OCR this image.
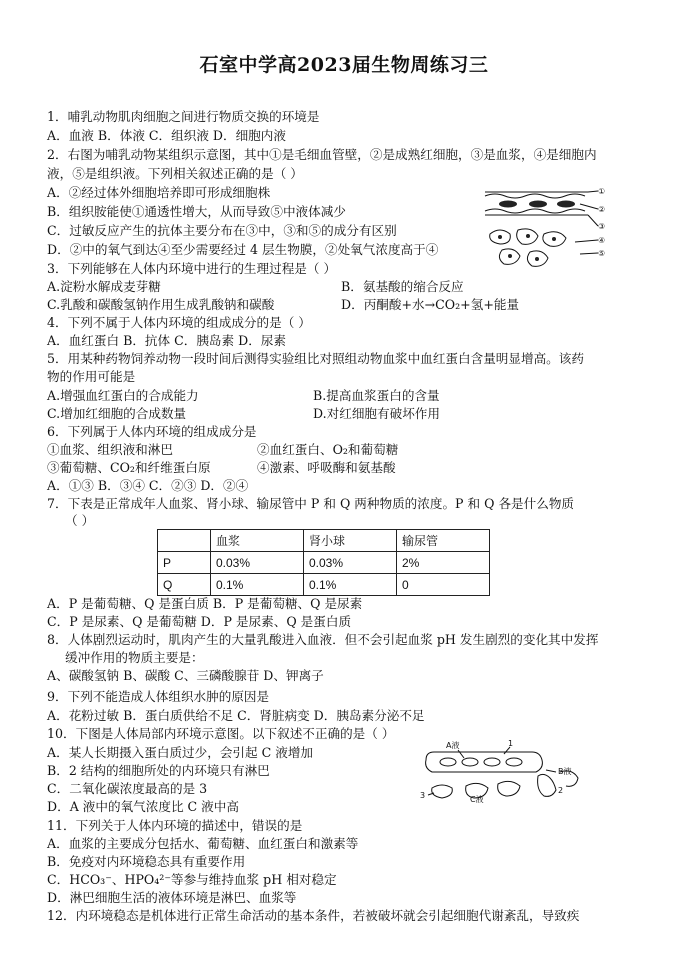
石室中学高2023届生物周练习三
1．哺乳动物肌肉细胞之间进行物质交换的环境是
A．血液 B．体液 C．组织液 D．细胞内液
2．右图为哺乳动物某组织示意图，其中①是毛细血管壁，②是成熟红细胞，③是血浆，④是细胞内
液，⑤是组织液。下列相关叙述正确的是（ ）
A．②经过体外细胞培养即可形成细胞株
B．组织胺能使①通透性增大，从而导致⑤中液体减少
C．过敏反应产生的抗体主要分布在③中，③和⑤的成分有区别
D．②中的氧气到达④至少需要经过 4 层生物膜，②处氧气浓度高于④
3．下列能够在人体内环境中进行的生理过程是（ ）
A.淀粉水解成麦芽糖	B．氨基酸的缩合反应
C.乳酸和碳酸氢钠作用生成乳酸钠和碳酸	D．丙酮酸+水→CO₂+氢+能量
4．下列不属于人体内环境的组成成分的是（ ）
A．血红蛋白 B．抗体 C．胰岛素 D．尿素
5．用某种药物饲养动物一段时间后测得实验组比对照组动物血浆中血红蛋白含量明显增高。该药
物的作用可能是
A.增强血红蛋白的合成能力	B.提高血浆蛋白的含量
C.增加红细胞的合成数量	D.对红细胞有破坏作用
6．下列属于人体内环境的组成成分是
①血浆、组织液和淋巴	②血红蛋白、O₂和葡萄糖
③葡萄糖、CO₂和纤维蛋白原	④激素、呼吸酶和氨基酸
A．①③ B．③④ C．②③ D．②④
7．下表是正常成年人血浆、肾小球、输尿管中 P 和 Q 两种物质的浓度。P 和 Q 各是什么物质
（ ）
	血浆	肾小球	输尿管
P	0.03%	0.03%	2%
Q	0.1%	0.1%	0
A．P 是葡萄糖、Q 是蛋白质 B．P 是葡萄糖、Q 是尿素
C．P 是尿素、Q 是葡萄糖 D．P 是尿素、Q 是蛋白质
8．人体剧烈运动时，肌肉产生的大量乳酸进入血液．但不会引起血浆 pH 发生剧烈的变化其中发挥
缓冲作用的物质主要是：
A、碳酸氢钠 B、碳酸 C、三磷酸腺苷 D、钾离子
9．下列不能造成人体组织水肿的原因是
A．花粉过敏 B．蛋白质供给不足 C．肾脏病变 D．胰岛素分泌不足
10．下图是人体局部内环境示意图。以下叙述不正确的是（ ）
A．某人长期摄入蛋白质过少，会引起 C 液增加
B．2 结构的细胞所处的内环境只有淋巴
C．二氧化碳浓度最高的是 3
D．A 液中的氧气浓度比 C 液中高
11．下列关于人体内环境的描述中，错误的是
A．血浆的主要成分包括水、葡萄糖、血红蛋白和激素等
B．免疫对内环境稳态具有重要作用
C．HCO₃⁻、HPO₄²⁻等参与维持血浆 pH 相对稳定
D．淋巴细胞生活的液体环境是淋巴、血浆等
12．内环境稳态是机体进行正常生命活动的基本条件，若被破坏就会引起细胞代谢紊乱，导致疾
①
②
③
④
⑤
A液	1
B液
2
3	C液
